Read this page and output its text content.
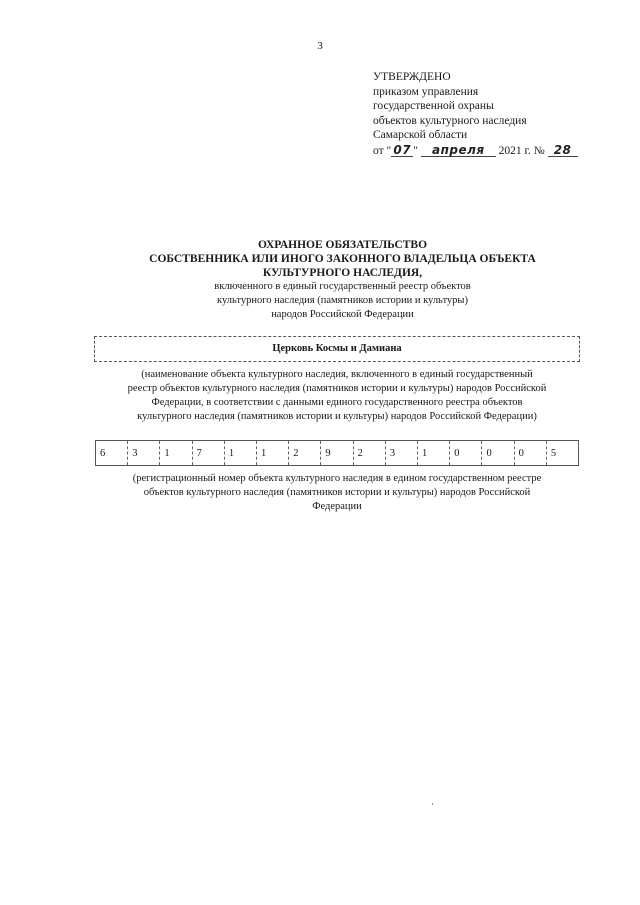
3
УТВЕРЖДЕНО
приказом управления
государственной охраны
объектов культурного наследия
Самарской области
от " 07 " апреля 2021 г. № 28
ОХРАННОЕ ОБЯЗАТЕЛЬСТВО
СОБСТВЕННИКА ИЛИ ИНОГО ЗАКОННОГО ВЛАДЕЛЬЦА ОБЪЕКТА
КУЛЬТУРНОГО НАСЛЕДИЯ,
включенного в единый государственный реестр объектов
культурного наследия (памятников истории и культуры)
народов Российской Федерации
Церковь Космы и Дамиана
(наименование объекта культурного наследия, включенного в единый государственный
реестр объектов культурного наследия (памятников истории и культуры) народов Российской
Федерации, в соответствии с данными единого государственного реестра объектов
культурного наследия (памятников истории и культуры) народов Российской Федерации)
6	3	1	7	1	1	2	9	2	3	1	0	0	0	5
(регистрационный номер объекта культурного наследия в едином государственном реестре
объектов культурного наследия (памятников истории и культуры) народов Российской
Федерации
